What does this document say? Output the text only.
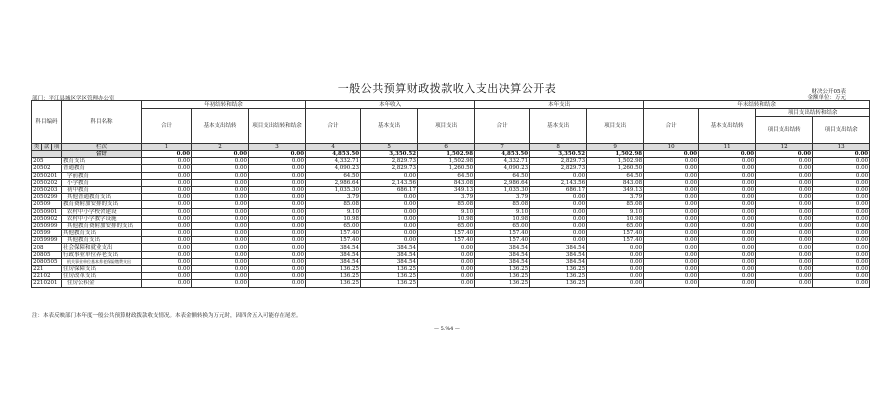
一般公共预算财政拨款收入支出决算公开表	财决公开05表
金额单位：万元
部门：平江县城区学区管理办公室
科目编码			科目名称	年初结转和结余			本年收入			本年支出			年末结转和结余			
				合计	基本支出结转	项目支出结转和结余	合计	基本支出	项目支出	合计	基本支出	项目支出	合计	基本支出结转	项目支出结转和结余	
															项目支出结转	项目支出结余
类	款	项	栏次	1	2	3	4	5	6	7	8	9	10	11	12	13
			合计	0.00	0.00	0.00	4,853.50	3,350.52	1,502.98	4,853.50	3,350.52	1,502.98	0.00	0.00	0.00	0.00
205			教育支出	0.00	0.00	0.00	4,332.71	2,829.73	1,502.98	4,332.71	2,829.73	1,502.98	0.00	0.00	0.00	0.00
20502			普通教育	0.00	0.00	0.00	4,090.23	2,829.73	1,260.50	4,090.23	2,829.73	1,260.50	0.00	0.00	0.00	0.00
2050201			学前教育	0.00	0.00	0.00	64.50	0.00	64.50	64.50	0.00	64.50	0.00	0.00	0.00	0.00
2050202			小学教育	0.00	0.00	0.00	2,986.64	2,143.56	843.08	2,986.64	2,143.56	843.08	0.00	0.00	0.00	0.00
2050203			初中教育	0.00	0.00	0.00	1,035.30	686.17	349.13	1,035.30	686.17	349.13	0.00	0.00	0.00	0.00
2050299			其他普通教育支出	0.00	0.00	0.00	3.79	0.00	3.79	3.79	0.00	3.79	0.00	0.00	0.00	0.00
20509			教育费附加安排的支出	0.00	0.00	0.00	85.08	0.00	85.08	85.08	0.00	85.08	0.00	0.00	0.00	0.00
2050901			农村中小学校舍建设	0.00	0.00	0.00	9.10	0.00	9.10	9.10	0.00	9.10	0.00	0.00	0.00	0.00
2050902			农村中小学教学设施	0.00	0.00	0.00	10.98	0.00	10.98	10.98	0.00	10.98	0.00	0.00	0.00	0.00
2050999			其他教育费附加安排的支出	0.00	0.00	0.00	65.00	0.00	65.00	65.00	0.00	65.00	0.00	0.00	0.00	0.00
20599			其他教育支出	0.00	0.00	0.00	157.40	0.00	157.40	157.40	0.00	157.40	0.00	0.00	0.00	0.00
2059999			其他教育支出	0.00	0.00	0.00	157.40	0.00	157.40	157.40	0.00	157.40	0.00	0.00	0.00	0.00
208			社会保障和就业支出	0.00	0.00	0.00	384.54	384.54	0.00	384.54	384.54	0.00	0.00	0.00	0.00	0.00
20805			行政事业单位养老支出	0.00	0.00	0.00	384.54	384.54	0.00	384.54	384.54	0.00	0.00	0.00	0.00	0.00
2080505			机关事业单位基本养老保险缴费支出	0.00	0.00	0.00	384.54	384.54	0.00	384.54	384.54	0.00	0.00	0.00	0.00	0.00
221			住房保障支出	0.00	0.00	0.00	136.25	136.25	0.00	136.25	136.25	0.00	0.00	0.00	0.00	0.00
22102			住房改革支出	0.00	0.00	0.00	136.25	136.25	0.00	136.25	136.25	0.00	0.00	0.00	0.00	0.00
2210201			住房公积金	0.00	0.00	0.00	136.25	136.25	0.00	136.25	136.25	0.00	0.00	0.00	0.00	0.00
注：本表反映部门本年度一般公共预算财政拨款收支情况。本表金额转换为万元时，因四舍五入可能存在尾差。
— 5.%4 —
